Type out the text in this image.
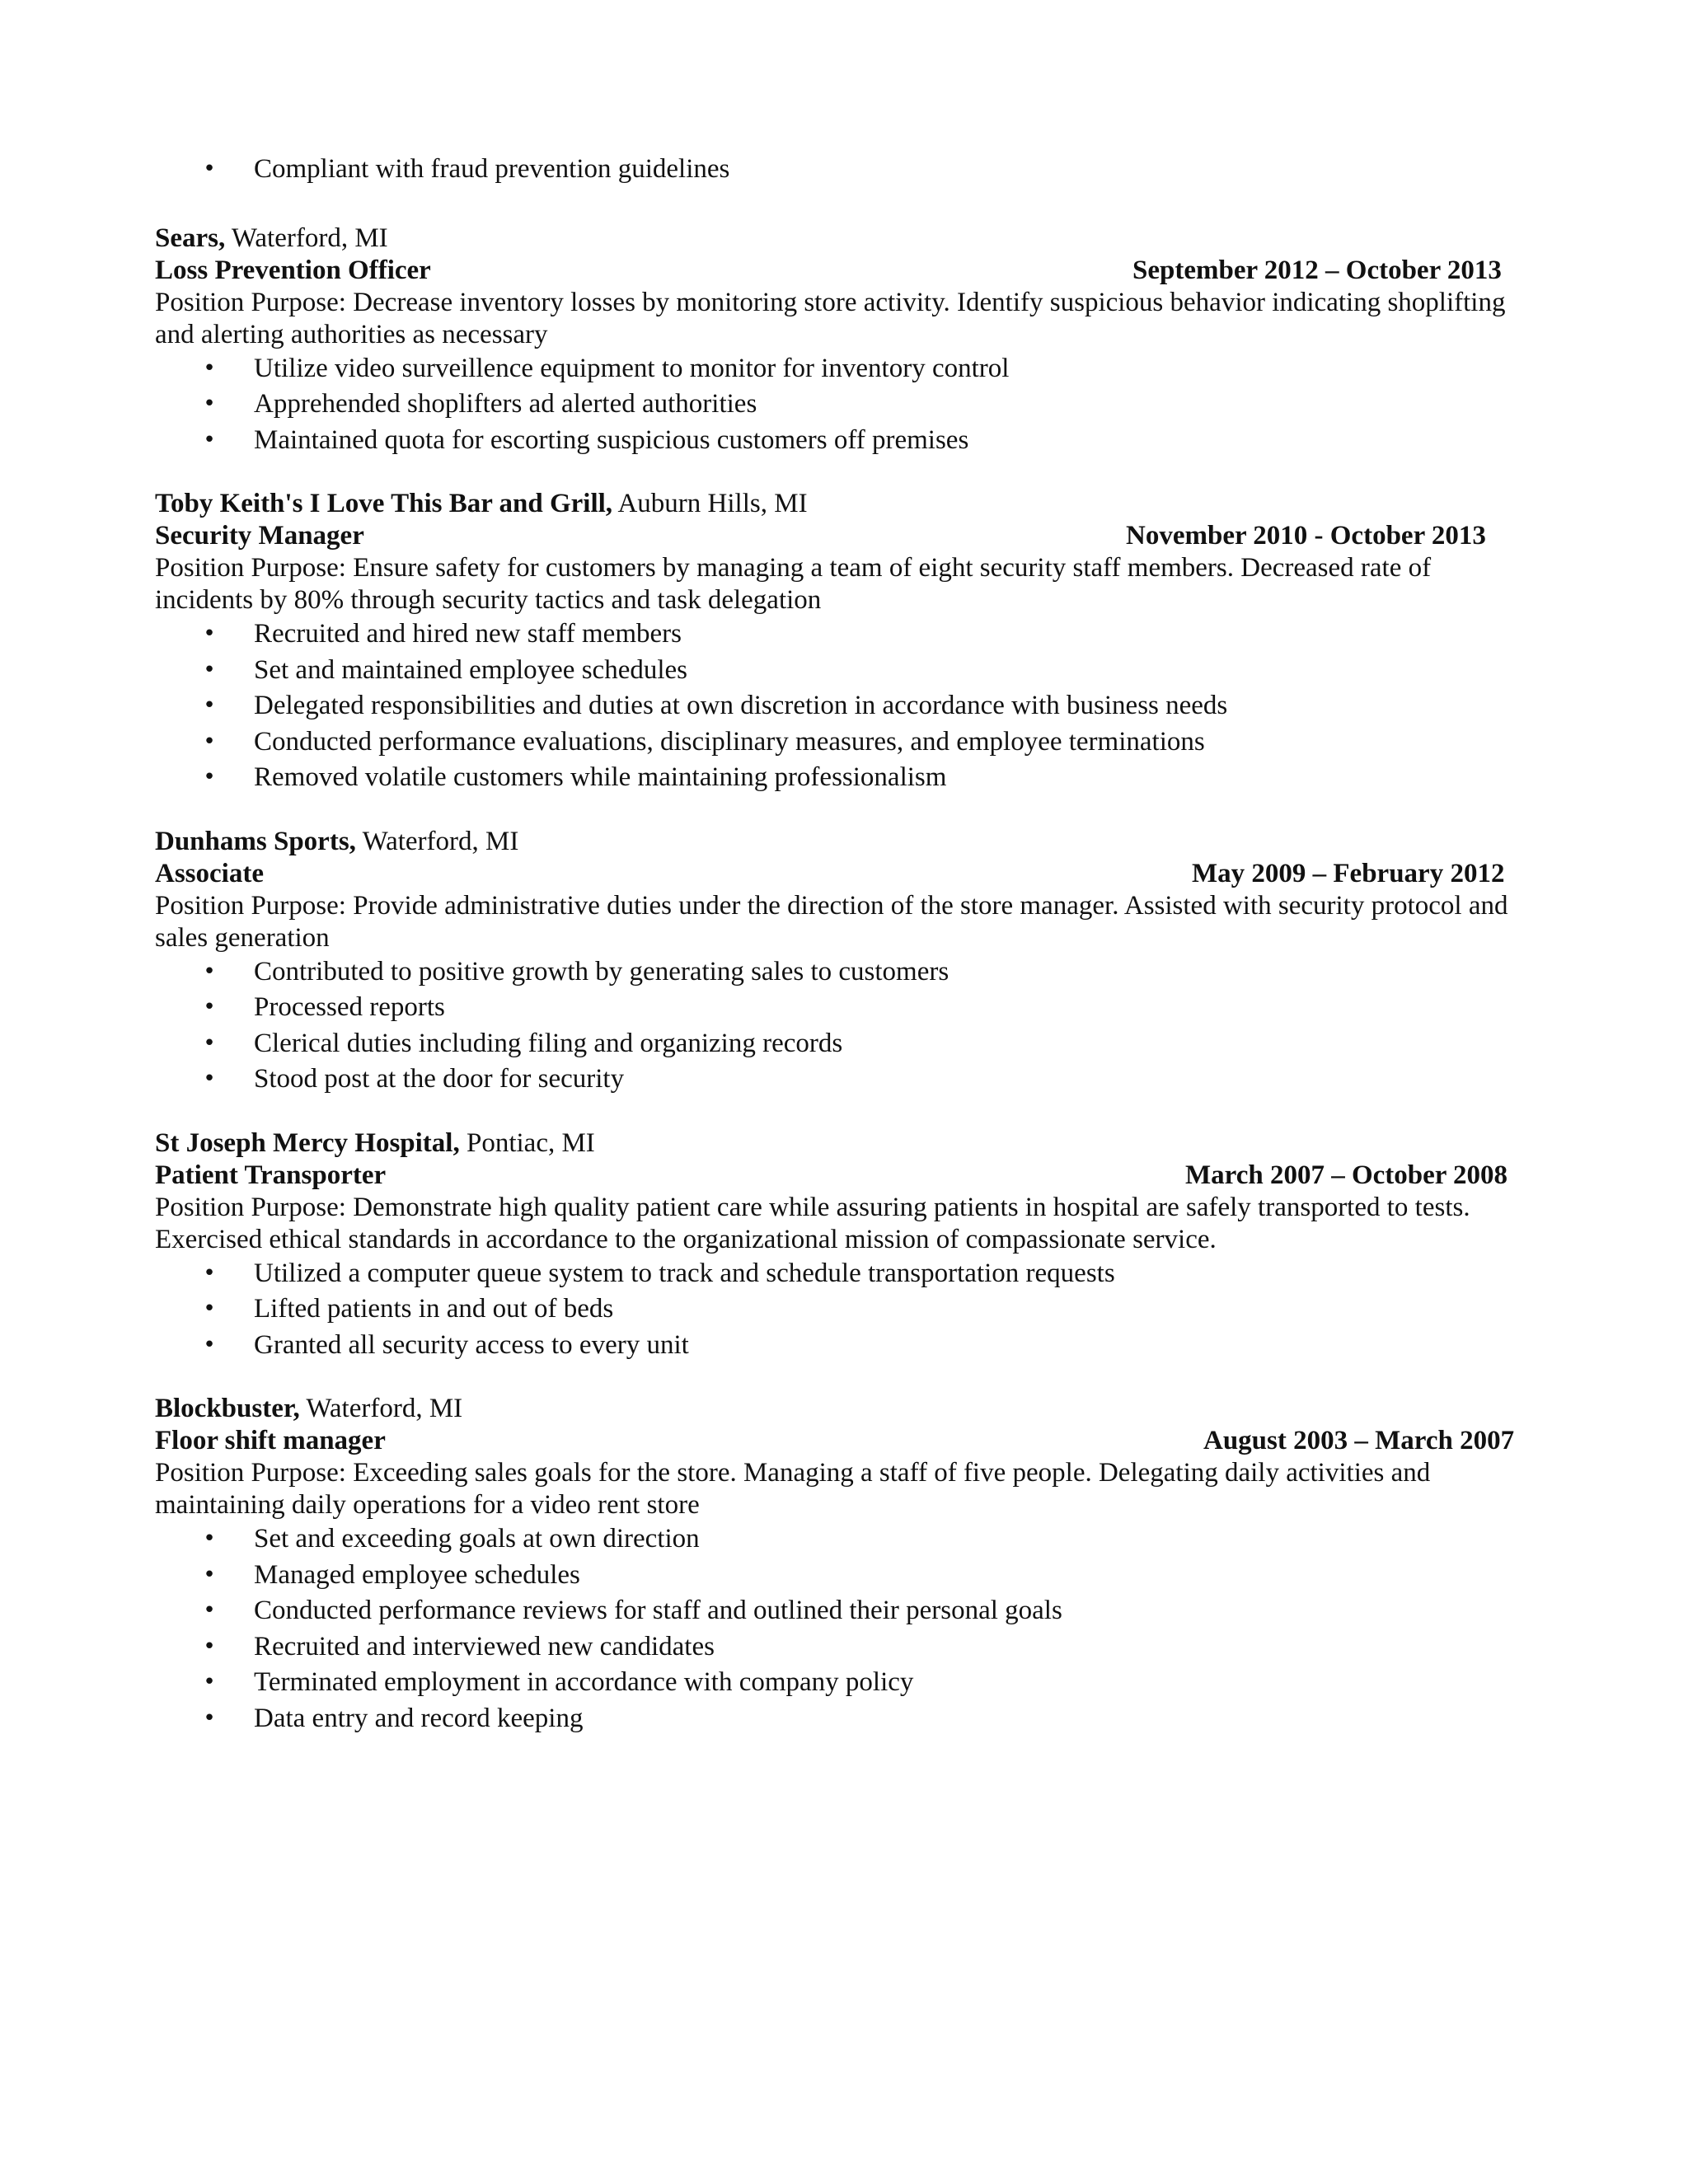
• Compliant with fraud prevention guidelines
Sears, Waterford, MI
Loss Prevention Officer	September 2012 – October 2013

Position Purpose: Decrease inventory losses by monitoring store activity. Identify suspicious behavior indicating shoplifting and alerting authorities as necessary

• Utilize video surveillence equipment to monitor for inventory control
• Apprehended shoplifters ad alerted authorities
• Maintained quota for escorting suspicious customers off premises
Toby Keith's I Love This Bar and Grill, Auburn Hills, MI
Security Manager	November 2010 - October 2013

Position Purpose: Ensure safety for customers by managing a team of eight security staff members. Decreased rate of incidents by 80% through security tactics and task delegation

• Recruited and hired new staff members
• Set and maintained employee schedules
• Delegated responsibilities and duties at own discretion in accordance with business needs
• Conducted performance evaluations, disciplinary measures, and employee terminations
• Removed volatile customers while maintaining professionalism
Dunhams Sports, Waterford, MI
Associate	May 2009 – February 2012

Position Purpose: Provide administrative duties under the direction of the store manager. Assisted with security protocol and sales generation

• Contributed to positive growth by generating sales to customers
• Processed reports
• Clerical duties including filing and organizing records
• Stood post at the door for security
St Joseph Mercy Hospital, Pontiac, MI
Patient Transporter	March 2007 – October 2008

Position Purpose: Demonstrate high quality patient care while assuring patients in hospital are safely transported to tests. Exercised ethical standards in accordance to the organizational mission of compassionate service.

• Utilized a computer queue system to track and schedule transportation requests
• Lifted patients in and out of beds
• Granted all security access to every unit
Blockbuster, Waterford, MI
Floor shift manager	August 2003 – March 2007

Position Purpose: Exceeding sales goals for the store. Managing a staff of five people. Delegating daily activities and maintaining daily operations for a video rent store

• Set and exceeding goals at own direction
• Managed employee schedules
• Conducted performance reviews for staff and outlined their personal goals
• Recruited and interviewed new candidates
• Terminated employment in accordance with company policy
• Data entry and record keeping
